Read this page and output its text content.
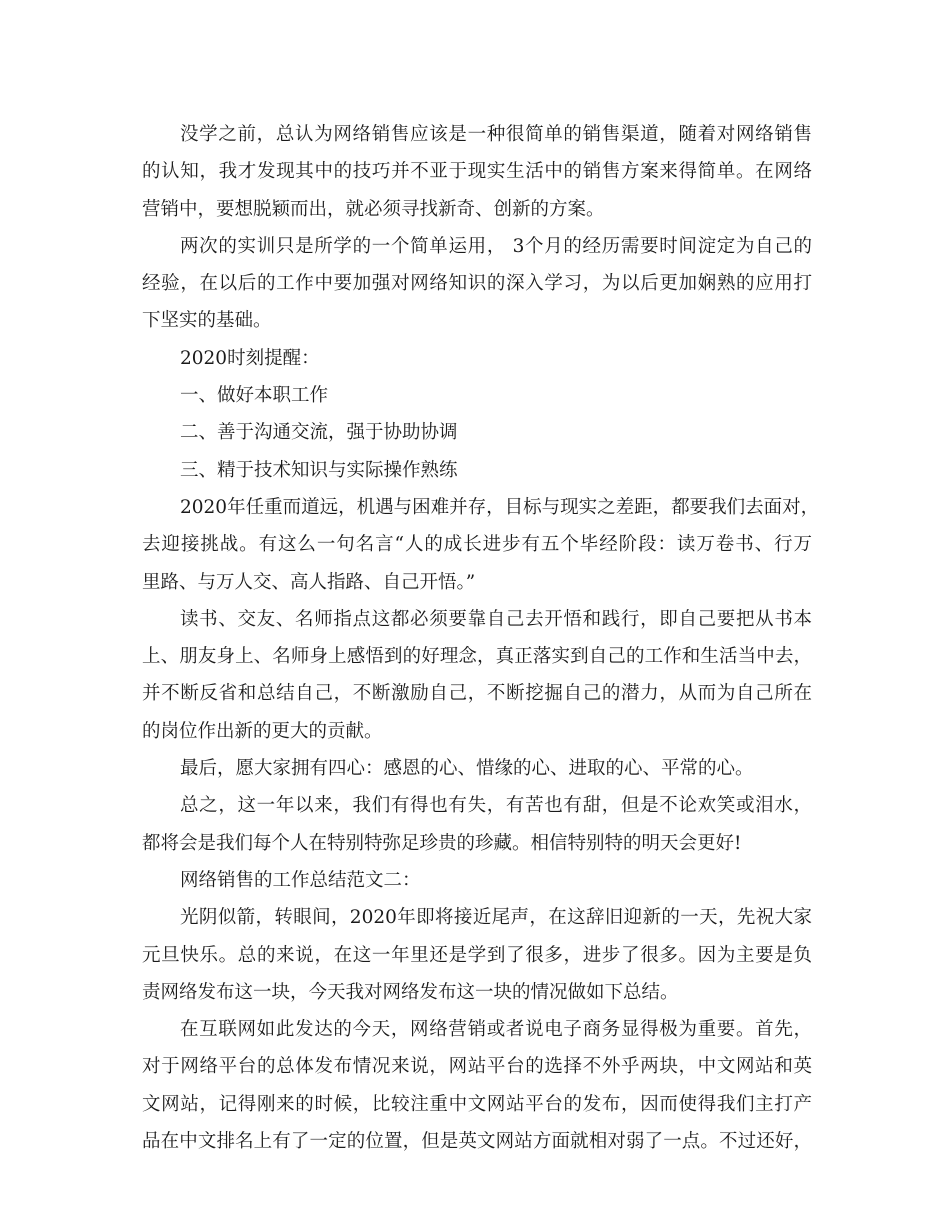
没学之前，总认为网络销售应该是一种很简单的销售渠道，随着对网络销售
的认知，我才发现其中的技巧并不亚于现实生活中的销售方案来得简单。在网络
营销中，要想脱颖而出，就必须寻找新奇、创新的方案。
两次的实训只是所学的一个简单运用， 3个月的经历需要时间淀定为自己的
经验，在以后的工作中要加强对网络知识的深入学习，为以后更加娴熟的应用打
下坚实的基础。
2020时刻提醒：
一、做好本职工作
二、善于沟通交流，强于协助协调
三、精于技术知识与实际操作熟练
2020年任重而道远，机遇与困难并存，目标与现实之差距，都要我们去面对，
去迎接挑战。有这么一句名言“人的成长进步有五个毕经阶段：读万卷书、行万
里路、与万人交、高人指路、自己开悟。”
读书、交友、名师指点这都必须要靠自己去开悟和践行，即自己要把从书本
上、朋友身上、名师身上感悟到的好理念，真正落实到自己的工作和生活当中去，
并不断反省和总结自己，不断激励自己，不断挖掘自己的潜力，从而为自己所在
的岗位作出新的更大的贡献。
最后，愿大家拥有四心：感恩的心、惜缘的心、进取的心、平常的心。
总之，这一年以来，我们有得也有失，有苦也有甜，但是不论欢笑或泪水，
都将会是我们每个人在特别特弥足珍贵的珍藏。相信特别特的明天会更好!
网络销售的工作总结范文二：
光阴似箭，转眼间，2020年即将接近尾声，在这辞旧迎新的一天，先祝大家
元旦快乐。总的来说，在这一年里还是学到了很多，进步了很多。因为主要是负
责网络发布这一块，今天我对网络发布这一块的情况做如下总结。
在互联网如此发达的今天，网络营销或者说电子商务显得极为重要。首先，
对于网络平台的总体发布情况来说，网站平台的选择不外乎两块，中文网站和英
文网站，记得刚来的时候，比较注重中文网站平台的发布，因而使得我们主打产
品在中文排名上有了一定的位置，但是英文网站方面就相对弱了一点。不过还好，
